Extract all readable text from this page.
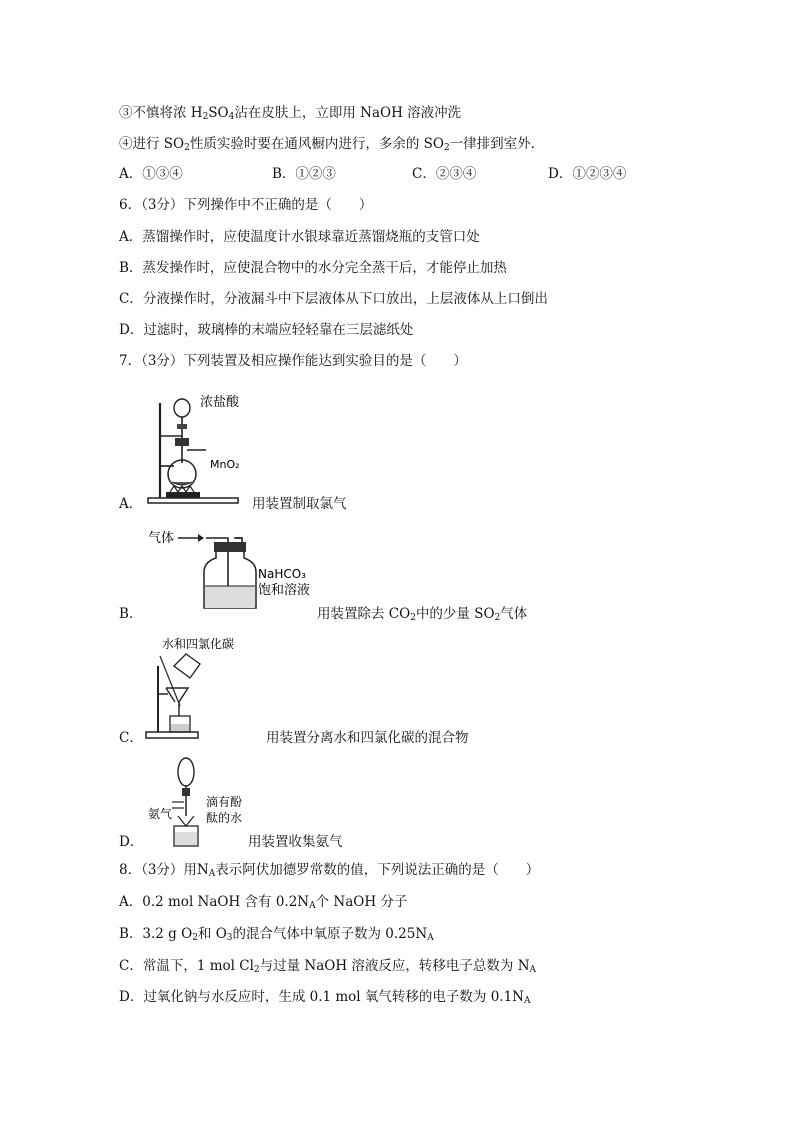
③不慎将浓 $H_2SO_4$沾在皮肤上，立即用 NaOH 溶液冲洗
④进行 $SO_2$性质实验时要在通风橱内进行，多余的 $SO_2$一律排到室外.
A．①③④	B．①②③	C．②③④	D．①②③④
6．（3分）下列操作中不正确的是（　　）
A．蒸馏操作时，应使温度计水银球靠近蒸馏烧瓶的支管口处
B．蒸发操作时，应使混合物中的水分完全蒸干后，才能停止加热
C．分液操作时，分液漏斗中下层液体从下口放出，上层液体从上口倒出
D．过滤时，玻璃棒的末端应轻轻靠在三层滤纸处
7．（3分）下列装置及相应操作能达到实验目的是（　　）
浓盐酸
MnO₂
A．	用装置制取氯气
气体
NaHCO₃
饱和溶液
B．	用装置除去 $CO_2$中的少量 $SO_2$气体
水和四氯化碳
C．	用装置分离水和四氯化碳的混合物
氨气
滴有酚
酞的水
D．	用装置收集氨气
8．（3分）用$N_A$表示阿伏加德罗常数的值，下列说法正确的是（　　）
A．0.2 mol NaOH 含有 $0.2N_A$个 NaOH 分子
B．3.2 g $O_2$和 $O_3$的混合气体中氧原子数为 $0.25N_A$
C．常温下，1 mol $Cl_2$与过量 NaOH 溶液反应，转移电子总数为 $N_A$
D．过氧化钠与水反应时，生成 0.1 mol 氧气转移的电子数为 $0.1N_A$
